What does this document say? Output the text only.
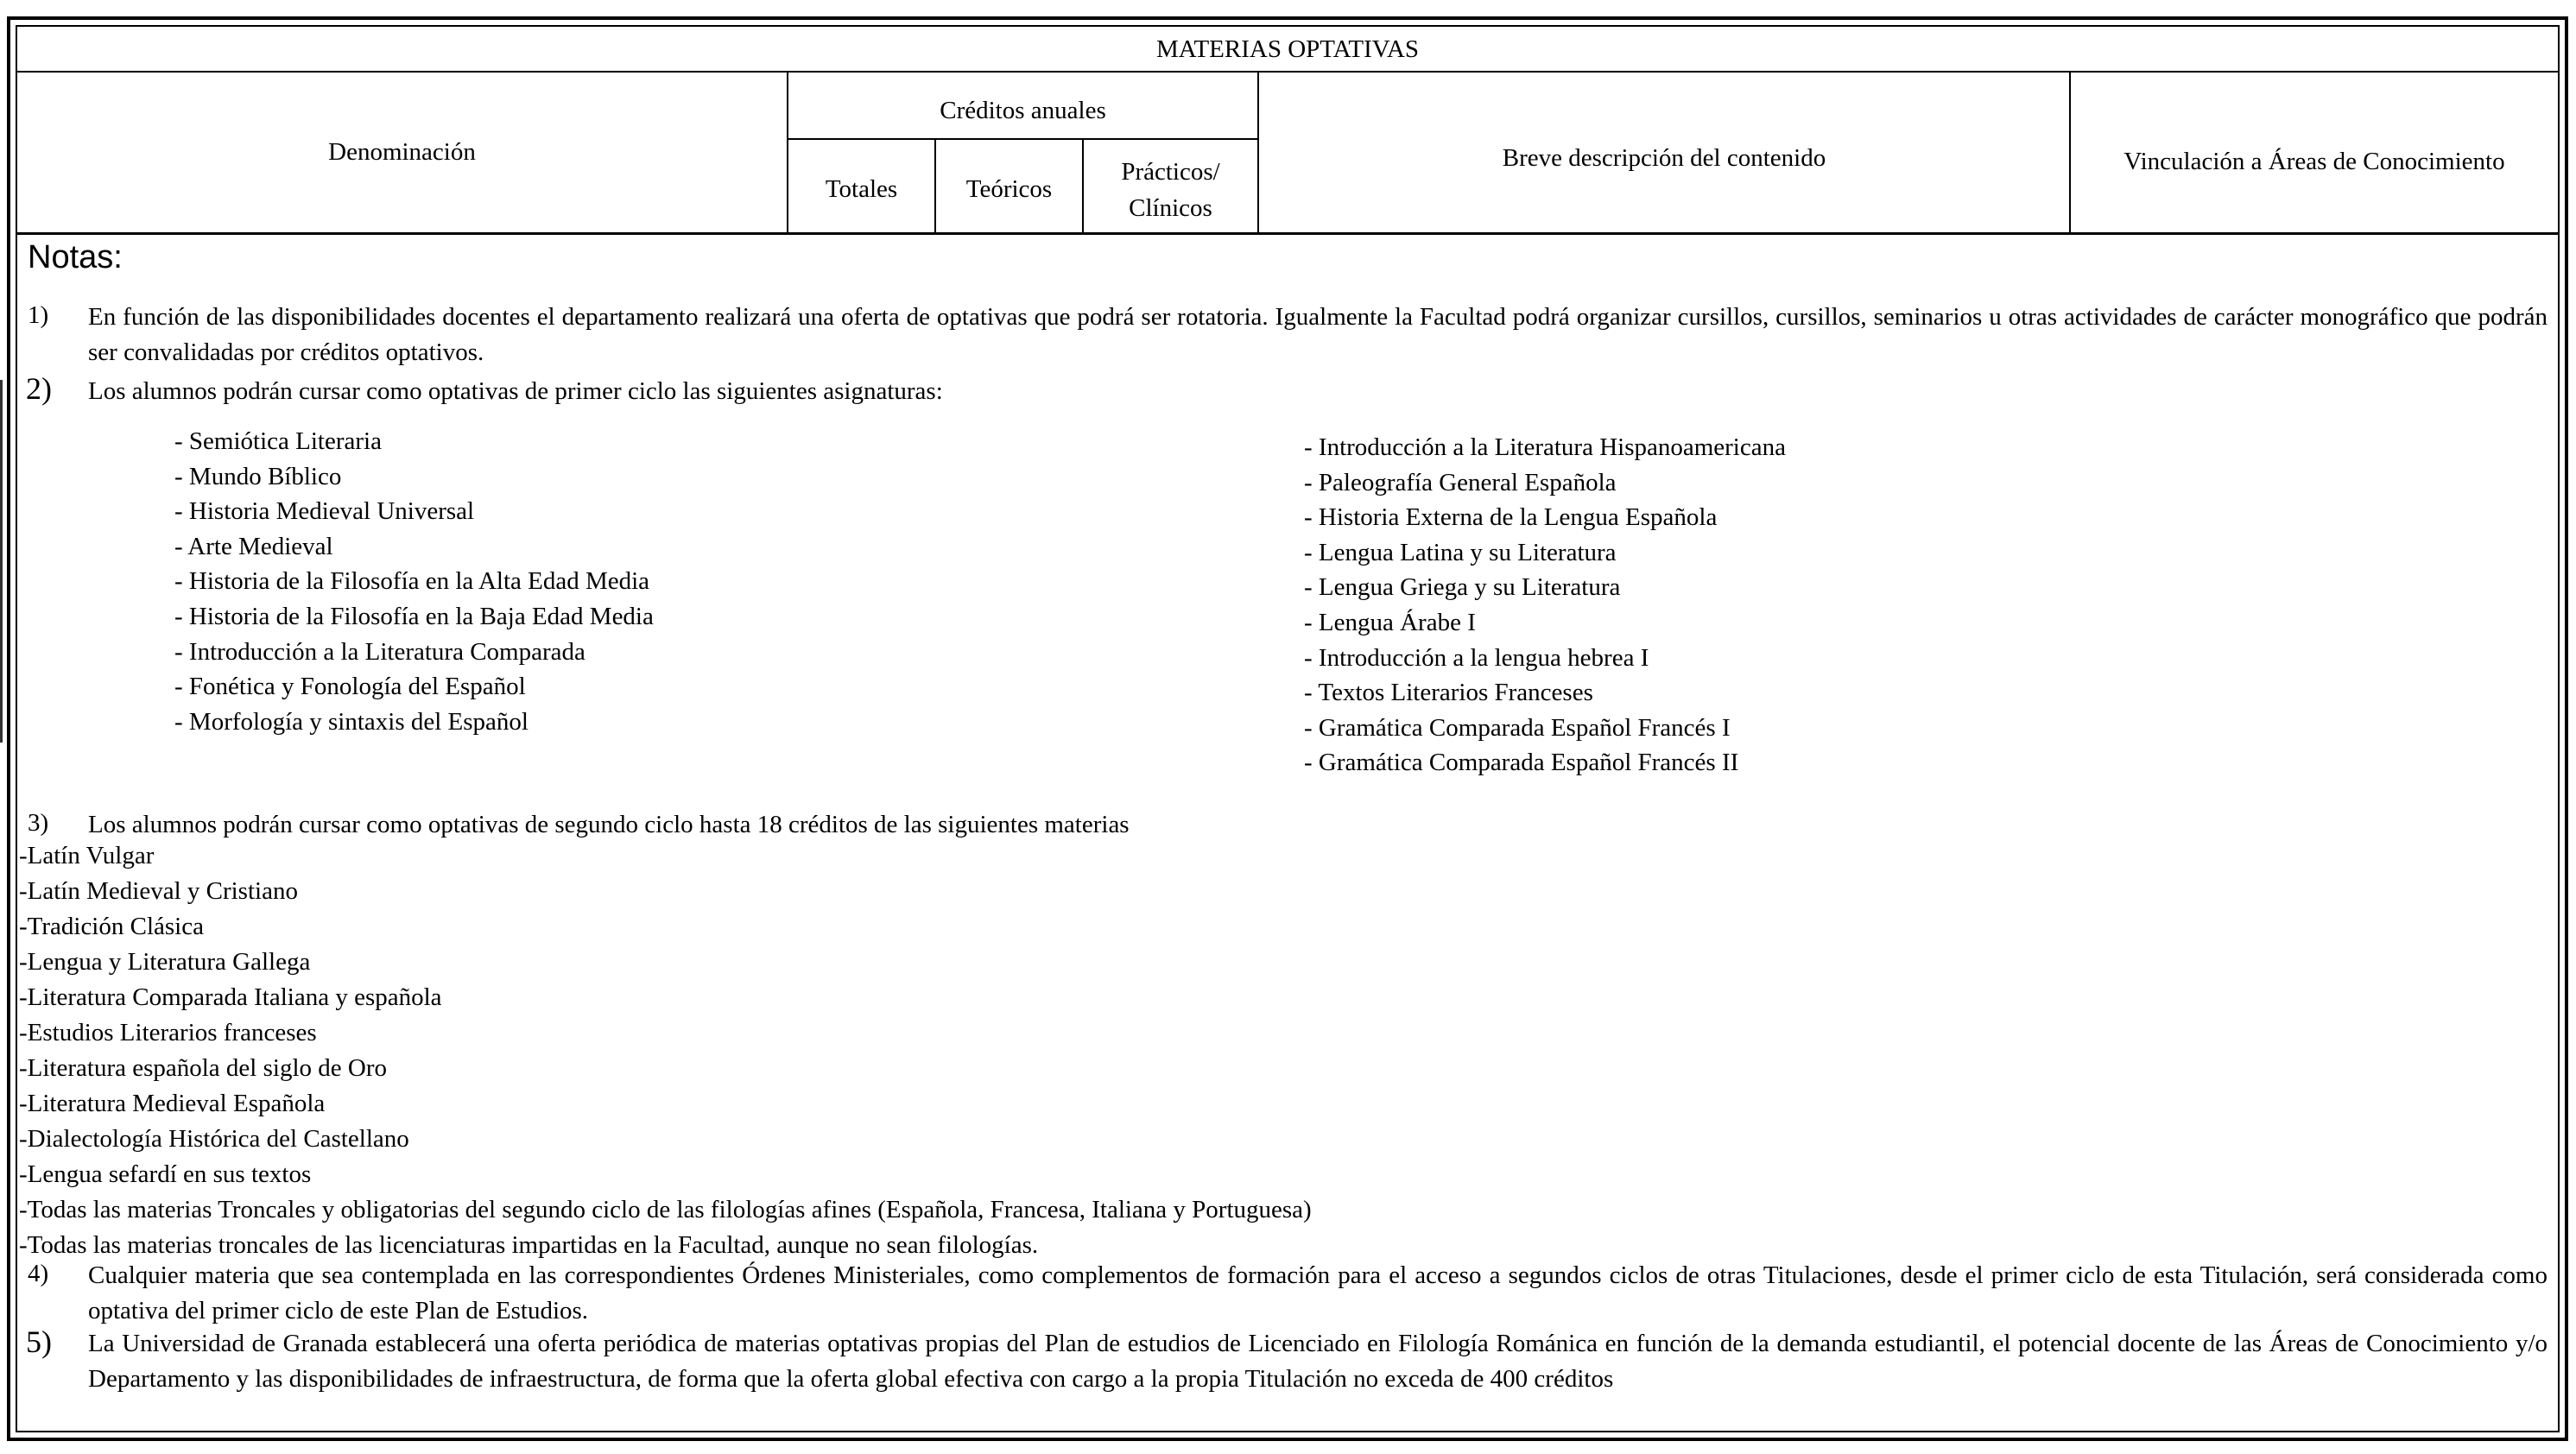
MATERIAS OPTATIVAS
Denominación
Créditos anuales
Totales	Teóricos
Prácticos/
Clínicos
Breve descripción del contenido	Vinculación a Áreas de Conocimiento
Notas:
1) En función de las disponibilidades docentes el departamento realizará una oferta de optativas que podrá ser rotatoria. Igualmente la Facultad podrá organizar cursillos, cursillos, seminarios u otras actividades de carácter monográfico que podrán ser convalidadas por créditos optativos.
2) Los alumnos podrán cursar como optativas de primer ciclo las siguientes asignaturas:
- Semiótica Literaria
- Mundo Bíblico
- Historia Medieval Universal
- Arte Medieval
- Historia de la Filosofía en la Alta Edad Media
- Historia de la Filosofía en la Baja Edad Media
- Introducción a la Literatura Comparada
- Fonética y Fonología del Español
- Morfología y sintaxis del Español
- Introducción a la Literatura Hispanoamericana
- Paleografía General Española
- Historia Externa de la Lengua Española
- Lengua Latina y su Literatura
- Lengua Griega y su Literatura
- Lengua Árabe I
- Introducción a la lengua hebrea I
- Textos Literarios Franceses
- Gramática Comparada Español Francés I
- Gramática Comparada Español Francés II
3) Los alumnos podrán cursar como optativas de segundo ciclo hasta 18 créditos de las siguientes materias
-Latín Vulgar
-Latín Medieval y Cristiano
-Tradición Clásica
-Lengua y Literatura Gallega
-Literatura Comparada Italiana y española
-Estudios Literarios franceses
-Literatura española del siglo de Oro
-Literatura Medieval Española
-Dialectología Histórica del Castellano
-Lengua sefardí en sus textos
-Todas las materias Troncales y obligatorias del segundo ciclo de las filologías afines (Española, Francesa, Italiana y Portuguesa)
-Todas las materias troncales de las licenciaturas impartidas en la Facultad, aunque no sean filologías.
4) Cualquier materia que sea contemplada en las correspondientes Órdenes Ministeriales, como complementos de formación para el acceso a segundos ciclos de otras Titulaciones, desde el primer ciclo de esta Titulación, será considerada como optativa del primer ciclo de este Plan de Estudios.
5) La Universidad de Granada establecerá una oferta periódica de materias optativas propias del Plan de estudios de Licenciado en Filología Románica en función de la demanda estudiantil, el potencial docente de las Áreas de Conocimiento y/o Departamento y las disponibilidades de infraestructura, de forma que la oferta global efectiva con cargo a la propia Titulación no exceda de 400 créditos
